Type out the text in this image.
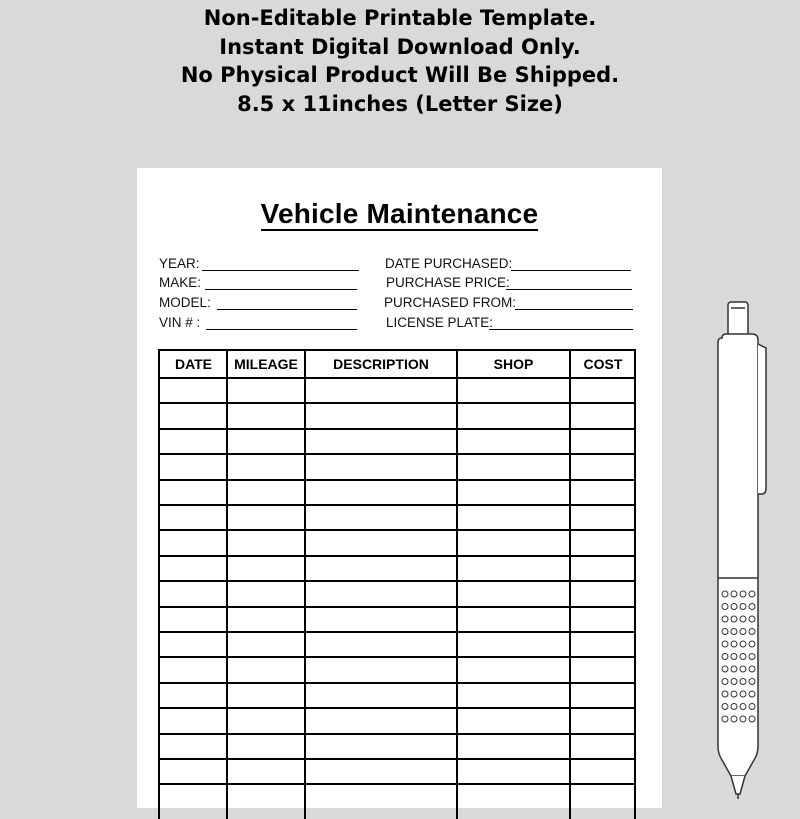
Non-Editable Printable Template.
Instant Digital Download Only.
No Physical Product Will Be Shipped.
8.5 x 11inches (Letter Size)
Vehicle Maintenance
YEAR:
MAKE:
MODEL:
VIN # :
DATE PURCHASED:
PURCHASE PRICE:
PURCHASED FROM:
LICENSE PLATE:
DATE	MILEAGE	DESCRIPTION	SHOP	COST
